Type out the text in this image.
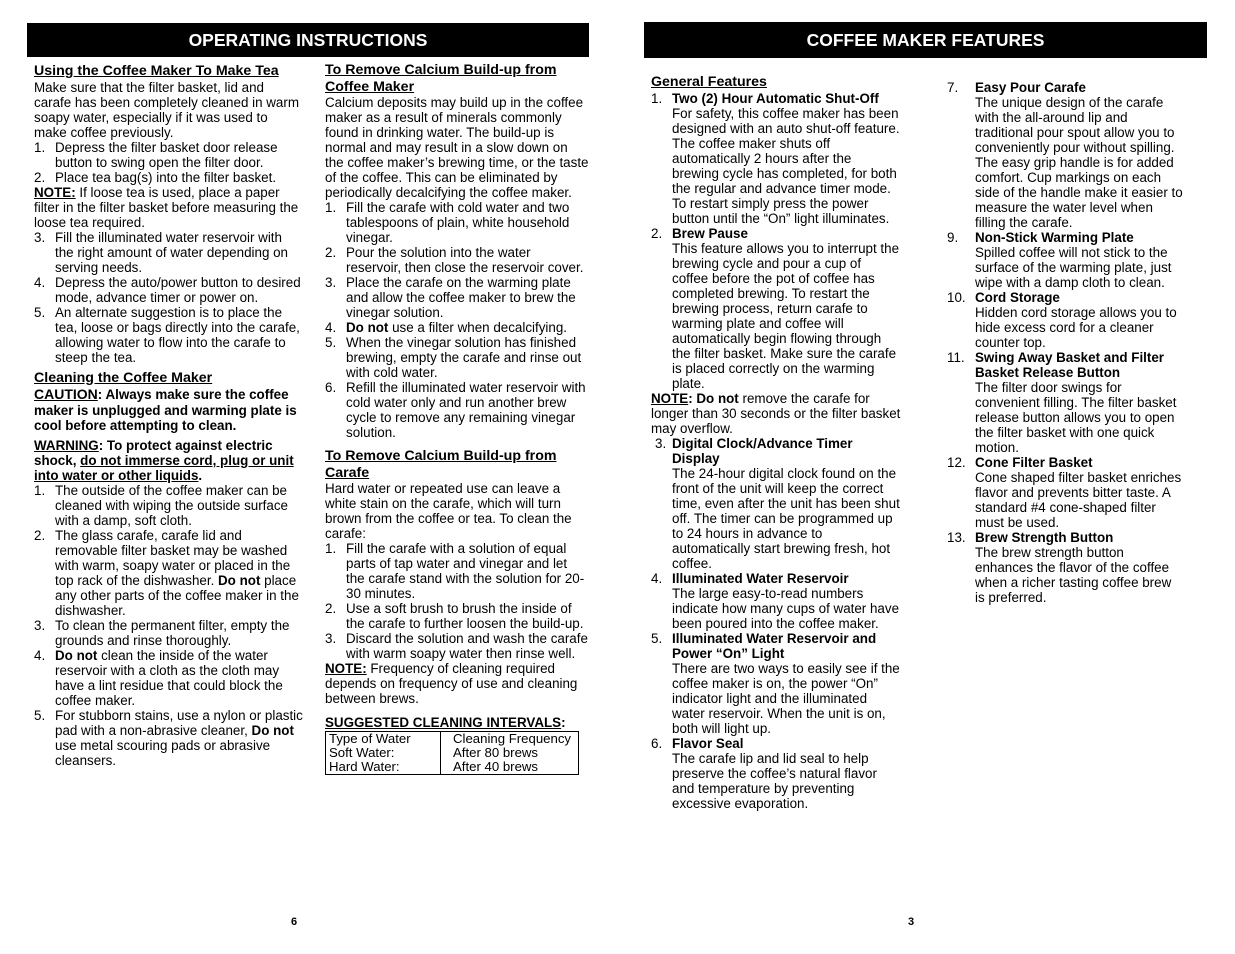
OPERATING INSTRUCTIONS

Using the Coffee Maker To Make Tea

Make sure that the filter basket, lid and carafe has been completely cleaned in warm soapy water, especially if it was used to make coffee previously.

1. Depress the filter basket door release button to swing open the filter door.
2. Place tea bag(s) into the filter basket.

NOTE: If loose tea is used, place a paper filter in the filter basket before measuring the loose tea required.

3. Fill the illuminated water reservoir with the right amount of water depending on serving needs.
4. Depress the auto/power button to desired mode, advance timer or power on.
5. An alternate suggestion is to place the tea, loose or bags directly into the carafe, allowing water to flow into the carafe to steep the tea.

Cleaning the Coffee Maker

CAUTION: Always make sure the coffee maker is unplugged and warming plate is cool before attempting to clean.

WARNING: To protect against electric shock, do not immerse cord, plug or unit into water or other liquids.

1. The outside of the coffee maker can be cleaned with wiping the outside surface with a damp, soft cloth.
2. The glass carafe, carafe lid and removable filter basket may be washed with warm, soapy water or placed in the top rack of the dishwasher. Do not place any other parts of the coffee maker in the dishwasher.
3. To clean the permanent filter, empty the grounds and rinse thoroughly.
4. Do not clean the inside of the water reservoir with a cloth as the cloth may have a lint residue that could block the coffee maker.
5. For stubborn stains, use a nylon or plastic pad with a non-abrasive cleaner, Do not use metal scouring pads or abrasive cleansers.

To Remove Calcium Build-up from Coffee Maker

Calcium deposits may build up in the coffee maker as a result of minerals commonly found in drinking water. The build-up is normal and may result in a slow down on the coffee maker’s brewing time, or the taste of the coffee. This can be eliminated by periodically decalcifying the coffee maker.

1. Fill the carafe with cold water and two tablespoons of plain, white household vinegar.
2. Pour the solution into the water reservoir, then close the reservoir cover.
3. Place the carafe on the warming plate and allow the coffee maker to brew the vinegar solution.
4. Do not use a filter when decalcifying.
5. When the vinegar solution has finished brewing, empty the carafe and rinse out with cold water.
6. Refill the illuminated water reservoir with cold water only and run another brew cycle to remove any remaining vinegar solution.

To Remove Calcium Build-up from Carafe

Hard water or repeated use can leave a white stain on the carafe, which will turn brown from the coffee or tea. To clean the carafe:

1. Fill the carafe with a solution of equal parts of tap water and vinegar and let the carafe stand with the solution for 20-30 minutes.
2. Use a soft brush to brush the inside of the carafe to further loosen the build-up.
3. Discard the solution and wash the carafe with warm soapy water then rinse well.

NOTE: Frequency of cleaning required depends on frequency of use and cleaning between brews.

SUGGESTED CLEANING INTERVALS:

Type of Water	Cleaning Frequency
Soft Water:	After 80 brews
Hard Water:	After 40 brews
6
COFFEE MAKER FEATURES

General Features

1. Two (2) Hour Automatic Shut-Off
For safety, this coffee maker has been designed with an auto shut-off feature. The coffee maker shuts off automatically 2 hours after the brewing cycle has completed, for both the regular and advance timer mode. To restart simply press the power button until the “On” light illuminates.
2. Brew Pause
This feature allows you to interrupt the brewing cycle and pour a cup of coffee before the pot of coffee has completed brewing. To restart the brewing process, return carafe to warming plate and coffee will automatically begin flowing through the filter basket. Make sure the carafe is placed correctly on the warming plate.

NOTE: Do not remove the carafe for longer than 30 seconds or the filter basket may overflow.

3. Digital Clock/Advance Timer Display
The 24-hour digital clock found on the front of the unit will keep the correct time, even after the unit has been shut off. The timer can be programmed up to 24 hours in advance to automatically start brewing fresh, hot coffee.
4. Illuminated Water Reservoir
The large easy-to-read numbers indicate how many cups of water have been poured into the coffee maker.
5. Illuminated Water Reservoir and Power “On” Light
There are two ways to easily see if the coffee maker is on, the power “On” indicator light and the illuminated water reservoir. When the unit is on, both will light up.
6. Flavor Seal
The carafe lip and lid seal to help preserve the coffee’s natural flavor and temperature by preventing excessive evaporation.
7. Easy Pour Carafe
The unique design of the carafe with the all-around lip and traditional pour spout allow you to conveniently pour without spilling. The easy grip handle is for added comfort. Cup markings on each side of the handle make it easier to measure the water level when filling the carafe.
9. Non-Stick Warming Plate
Spilled coffee will not stick to the surface of the warming plate, just wipe with a damp cloth to clean.
10. Cord Storage
Hidden cord storage allows you to hide excess cord for a cleaner counter top.
11. Swing Away Basket and Filter Basket Release Button
The filter door swings for convenient filling. The filter basket release button allows you to open the filter basket with one quick motion.
12. Cone Filter Basket
Cone shaped filter basket enriches flavor and prevents bitter taste. A standard #4 cone-shaped filter must be used.
13. Brew Strength Button
The brew strength button enhances the flavor of the coffee when a richer tasting coffee brew is preferred.
3
